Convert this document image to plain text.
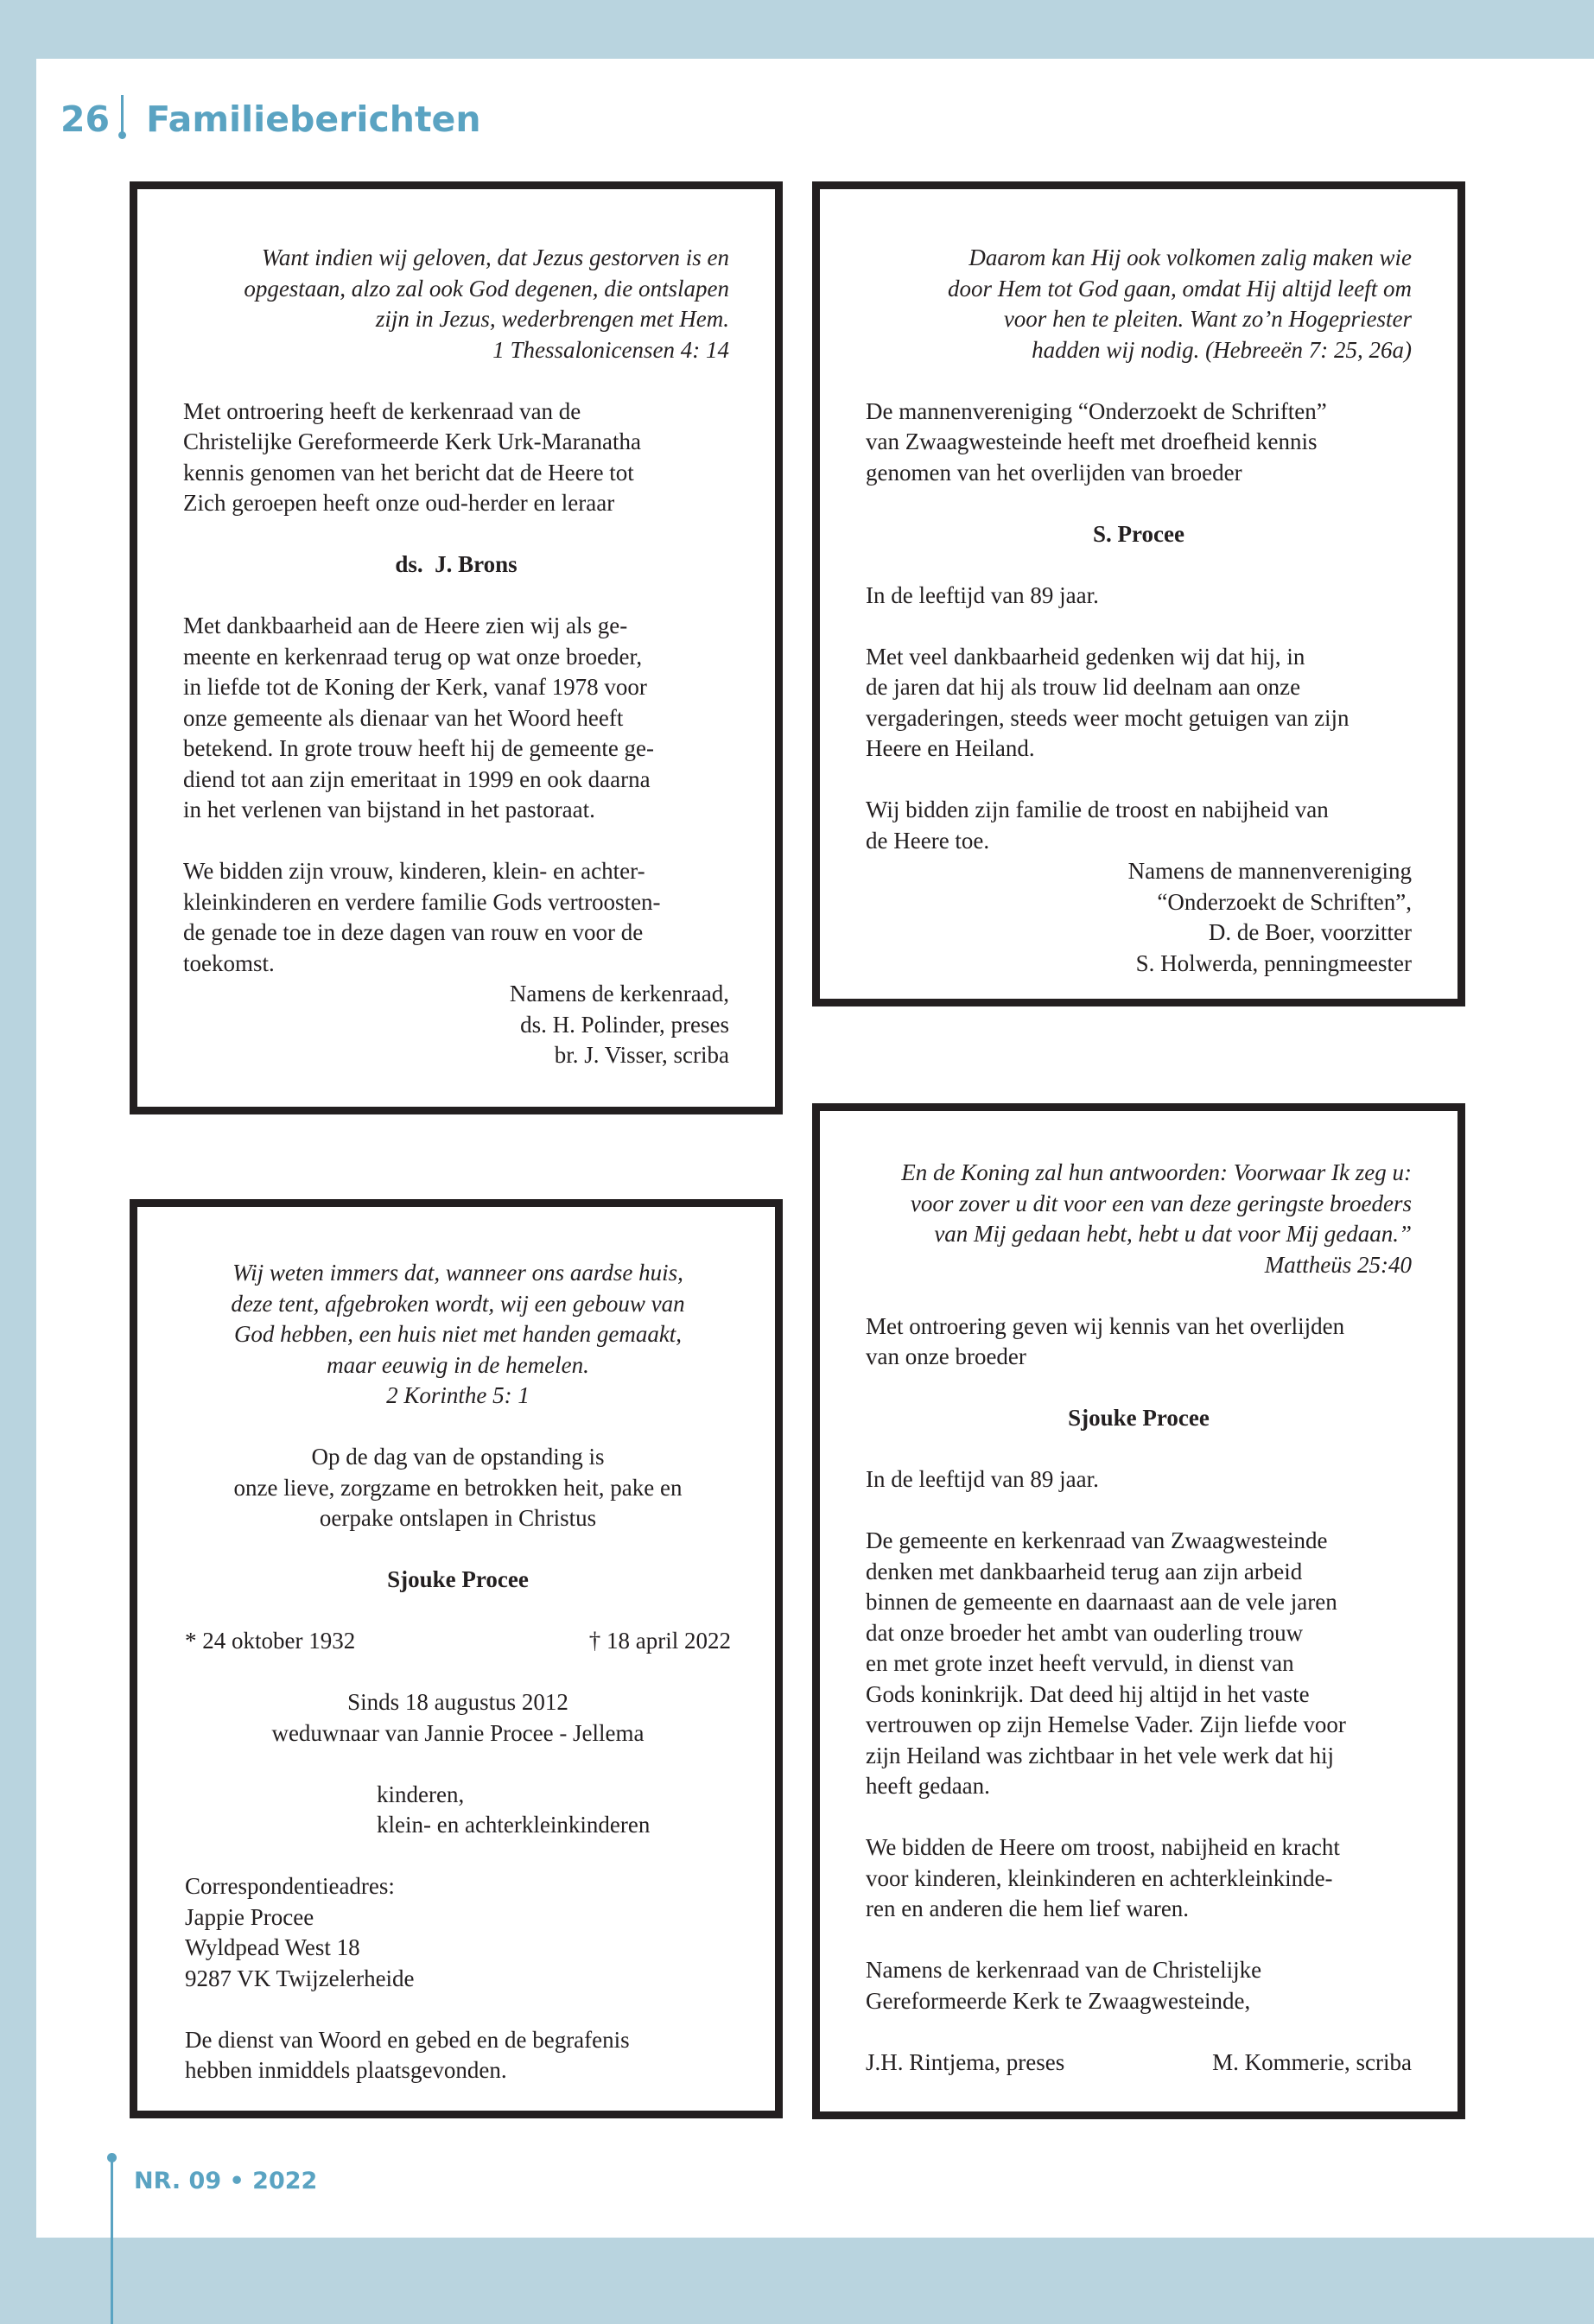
26 Familieberichten

Want indien wij geloven, dat Jezus gestorven is en

opgestaan, alzo zal ook God degenen, die ontslapen

zijn in Jezus, wederbrengen met Hem.

1 Thessalonicensen 4: 14

Met ontroering heeft de kerkenraad van de

Christelijke Gereformeerde Kerk Urk-Maranatha

kennis genomen van het bericht dat de Heere tot

Zich geroepen heeft onze oud-herder en leraar

ds.  J. Brons

Met dankbaarheid aan de Heere zien wij als ge-

meente en kerkenraad terug op wat onze broeder,

in liefde tot de Koning der Kerk, vanaf 1978 voor

onze gemeente als dienaar van het Woord heeft

betekend. In grote trouw heeft hij de gemeente ge-

diend tot aan zijn emeritaat in 1999 en ook daarna

in het verlenen van bijstand in het pastoraat.

We bidden zijn vrouw, kinderen, klein- en achter-

kleinkinderen en verdere familie Gods vertroosten-

de genade toe in deze dagen van rouw en voor de

toekomst.

Namens de kerkenraad,

ds. H. Polinder, preses

br. J. Visser, scriba

Daarom kan Hij ook volkomen zalig maken wie

door Hem tot God gaan, omdat Hij altijd leeft om

voor hen te pleiten. Want zo’n Hogepriester

hadden wij nodig. (Hebreeën 7: 25, 26a)

De mannenvereniging “Onderzoekt de Schriften”

van Zwaagwesteinde heeft met droefheid kennis

genomen van het overlijden van broeder

S. Procee

In de leeftijd van 89 jaar.

Met veel dankbaarheid gedenken wij dat hij, in

de jaren dat hij als trouw lid deelnam aan onze

vergaderingen, steeds weer mocht getuigen van zijn

Heere en Heiland.

Wij bidden zijn familie de troost en nabijheid van

de Heere toe.

Namens de mannenvereniging

“Onderzoekt de Schriften”,

D. de Boer, voorzitter

S. Holwerda, penningmeester

Wij weten immers dat, wanneer ons aardse huis,

deze tent, afgebroken wordt, wij een gebouw van

God hebben, een huis niet met handen gemaakt,

maar eeuwig in de hemelen.

2 Korinthe 5: 1

Op de dag van de opstanding is

onze lieve, zorgzame en betrokken heit, pake en

oerpake ontslapen in Christus

Sjouke Procee

* 24 oktober 1932	† 18 april 2022

Sinds 18 augustus 2012

weduwnaar van Jannie Procee - Jellema

kinderen,

klein- en achterkleinkinderen

Correspondentieadres:

Jappie Procee

Wyldpead West 18

9287 VK Twijzelerheide

De dienst van Woord en gebed en de begrafenis

hebben inmiddels plaatsgevonden.

En de Koning zal hun antwoorden: Voorwaar Ik zeg u:

voor zover u dit voor een van deze geringste broeders

van Mij gedaan hebt, hebt u dat voor Mij gedaan.”

Mattheüs 25:40

Met ontroering geven wij kennis van het overlijden

van onze broeder

Sjouke Procee

In de leeftijd van 89 jaar.

De gemeente en kerkenraad van Zwaagwesteinde

denken met dankbaarheid terug aan zijn arbeid

binnen de gemeente en daarnaast aan de vele jaren

dat onze broeder het ambt van ouderling trouw

en met grote inzet heeft vervuld, in dienst van

Gods koninkrijk. Dat deed hij altijd in het vaste

vertrouwen op zijn Hemelse Vader. Zijn liefde voor

zijn Heiland was zichtbaar in het vele werk dat hij

heeft gedaan.

We bidden de Heere om troost, nabijheid en kracht

voor kinderen, kleinkinderen en achterkleinkinde-

ren en anderen die hem lief waren.

Namens de kerkenraad van de Christelijke

Gereformeerde Kerk te Zwaagwesteinde,

J.H. Rintjema, preses	M. Kommerie, scriba
NR. 09 • 2022
